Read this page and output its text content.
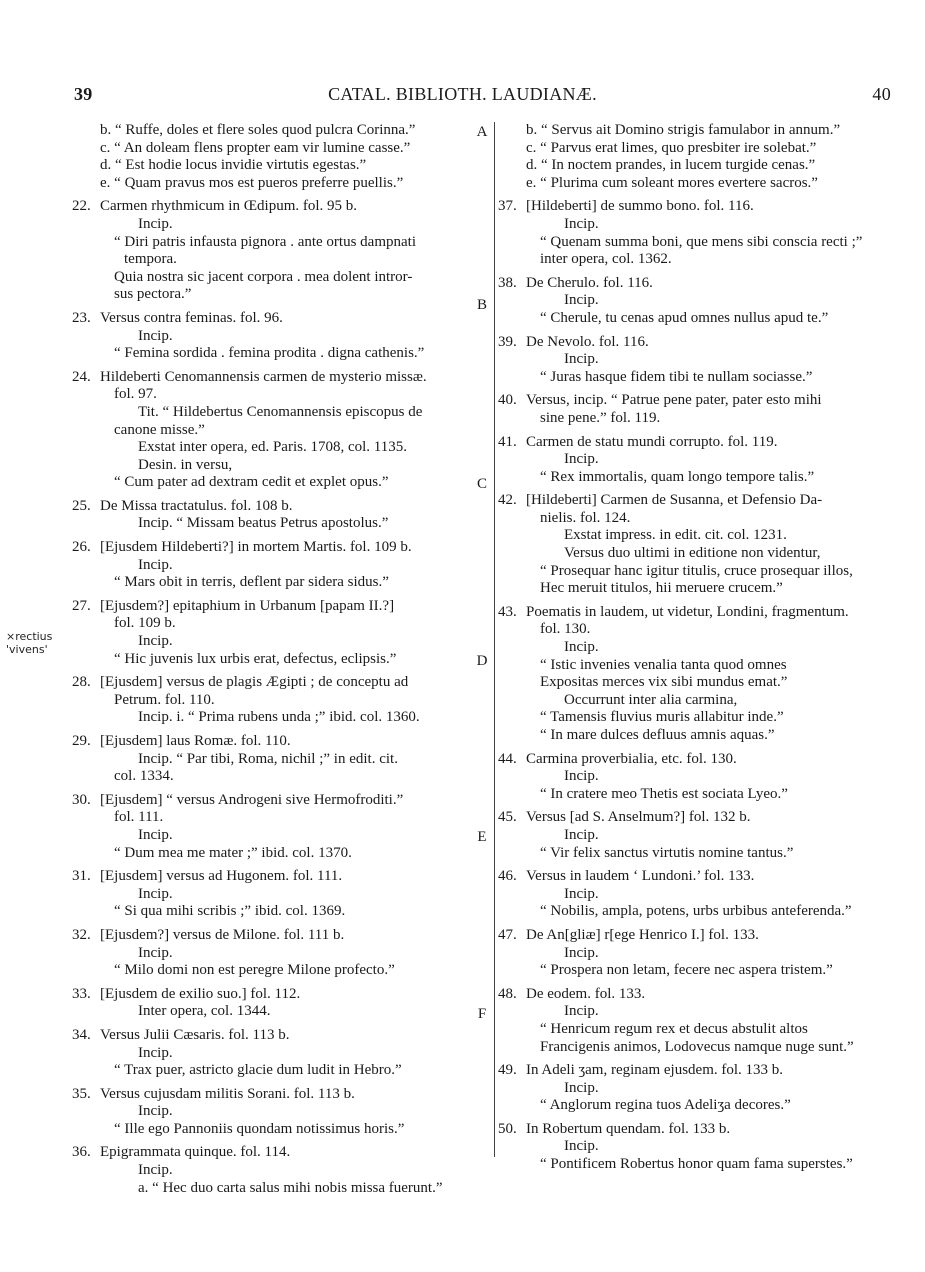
39	CATAL. BIBLIOTH. LAUDIANÆ.	40
×rectius
'vivens'
b. “ Ruffe, doles et flere soles quod pulcra Corinna.”
c. “ An doleam flens propter eam vir lumine casse.”
d. “ Est hodie locus invidie virtutis egestas.”
e. “ Quam pravus mos est pueros preferre puellis.”
22. Carmen rhythmicum in Œdipum. fol. 95 b.
Incip.
“ Diri patris infausta pignora . ante ortus dampnati
tempora.
Quia nostra sic jacent corpora . mea dolent intror-
sus pectora.”
23. Versus contra feminas. fol. 96.
Incip.
“ Femina sordida . femina prodita . digna cathenis.”
24. Hildeberti Cenomannensis carmen de mysterio missæ.
fol. 97.
Tit. “ Hildebertus Cenomannensis episcopus de
canone misse.”
Exstat inter opera, ed. Paris. 1708, col. 1135.
Desin. in versu,
“ Cum pater ad dextram cedit et explet opus.”
25. De Missa tractatulus. fol. 108 b.
Incip. “ Missam beatus Petrus apostolus.”
26. [Ejusdem Hildeberti?] in mortem Martis. fol. 109 b.
Incip.
“ Mars obit in terris, deflent par sidera sidus.”
27. [Ejusdem?] epitaphium in Urbanum [papam II.?]
fol. 109 b.
Incip.
“ Hic juvenis lux urbis erat, defectus, eclipsis.”
28. [Ejusdem] versus de plagis Ægipti ; de conceptu ad
Petrum. fol. 110.
Incip. i. “ Prima rubens unda ;” ibid. col. 1360.
29. [Ejusdem] laus Romæ. fol. 110.
Incip. “ Par tibi, Roma, nichil ;” in edit. cit.
col. 1334.
30. [Ejusdem] “ versus Androgeni sive Hermofroditi.”
fol. 111.
Incip.
“ Dum mea me mater ;” ibid. col. 1370.
31. [Ejusdem] versus ad Hugonem. fol. 111.
Incip.
“ Si qua mihi scribis ;” ibid. col. 1369.
32. [Ejusdem?] versus de Milone. fol. 111 b.
Incip.
“ Milo domi non est peregre Milone profecto.”
33. [Ejusdem de exilio suo.] fol. 112.
Inter opera, col. 1344.
34. Versus Julii Cæsaris. fol. 113 b.
Incip.
“ Trax puer, astricto glacie dum ludit in Hebro.”
35. Versus cujusdam militis Sorani. fol. 113 b.
Incip.
“ Ille ego Pannoniis quondam notissimus horis.”
36. Epigrammata quinque. fol. 114.
Incip.
a. “ Hec duo carta salus mihi nobis missa fuerunt.”
A
B
C
D
E
F
b. “ Servus ait Domino strigis famulabor in annum.”
c. “ Parvus erat limes, quo presbiter ire solebat.”
d. “ In noctem prandes, in lucem turgide cenas.”
e. “ Plurima cum soleant mores evertere sacros.”
37. [Hildeberti] de summo bono. fol. 116.
Incip.
“ Quenam summa boni, que mens sibi conscia recti ;”
inter opera, col. 1362.
38. De Cherulo. fol. 116.
Incip.
“ Cherule, tu cenas apud omnes nullus apud te.”
39. De Nevolo. fol. 116.
Incip.
“ Juras hasque fidem tibi te nullam sociasse.”
40. Versus, incip. “ Patrue pene pater, pater esto mihi
sine pene.” fol. 119.
41. Carmen de statu mundi corrupto. fol. 119.
Incip.
“ Rex immortalis, quam longo tempore talis.”
42. [Hildeberti] Carmen de Susanna, et Defensio Da-
nielis. fol. 124.
Exstat impress. in edit. cit. col. 1231.
Versus duo ultimi in editione non videntur,
“ Prosequar hanc igitur titulis, cruce prosequar illos,
Hec meruit titulos, hii meruere crucem.”
43. Poematis in laudem, ut videtur, Londini, fragmentum.
fol. 130.
Incip.
“ Istic invenies venalia tanta quod omnes
Expositas merces vix sibi mundus emat.”
Occurrunt inter alia carmina,
“ Tamensis fluvius muris allabitur inde.”
“ In mare dulces defluus amnis aquas.”
44. Carmina proverbialia, etc. fol. 130.
Incip.
“ In cratere meo Thetis est sociata Lyeo.”
45. Versus [ad S. Anselmum?] fol. 132 b.
Incip.
“ Vir felix sanctus virtutis nomine tantus.”
46. Versus in laudem ‘ Lundoni.’ fol. 133.
Incip.
“ Nobilis, ampla, potens, urbs urbibus anteferenda.”
47. De An[gliæ] r[ege Henrico I.] fol. 133.
Incip.
“ Prospera non letam, fecere nec aspera tristem.”
48. De eodem. fol. 133.
Incip.
“ Henricum regum rex et decus abstulit altos
Francigenis animos, Lodovecus namque nuge sunt.”
49. In Adeli ʒam, reginam ejusdem. fol. 133 b.
Incip.
“ Anglorum regina tuos Adeliʒa decores.”
50. In Robertum quendam. fol. 133 b.
Incip.
“ Pontificem Robertus honor quam fama superstes.”
